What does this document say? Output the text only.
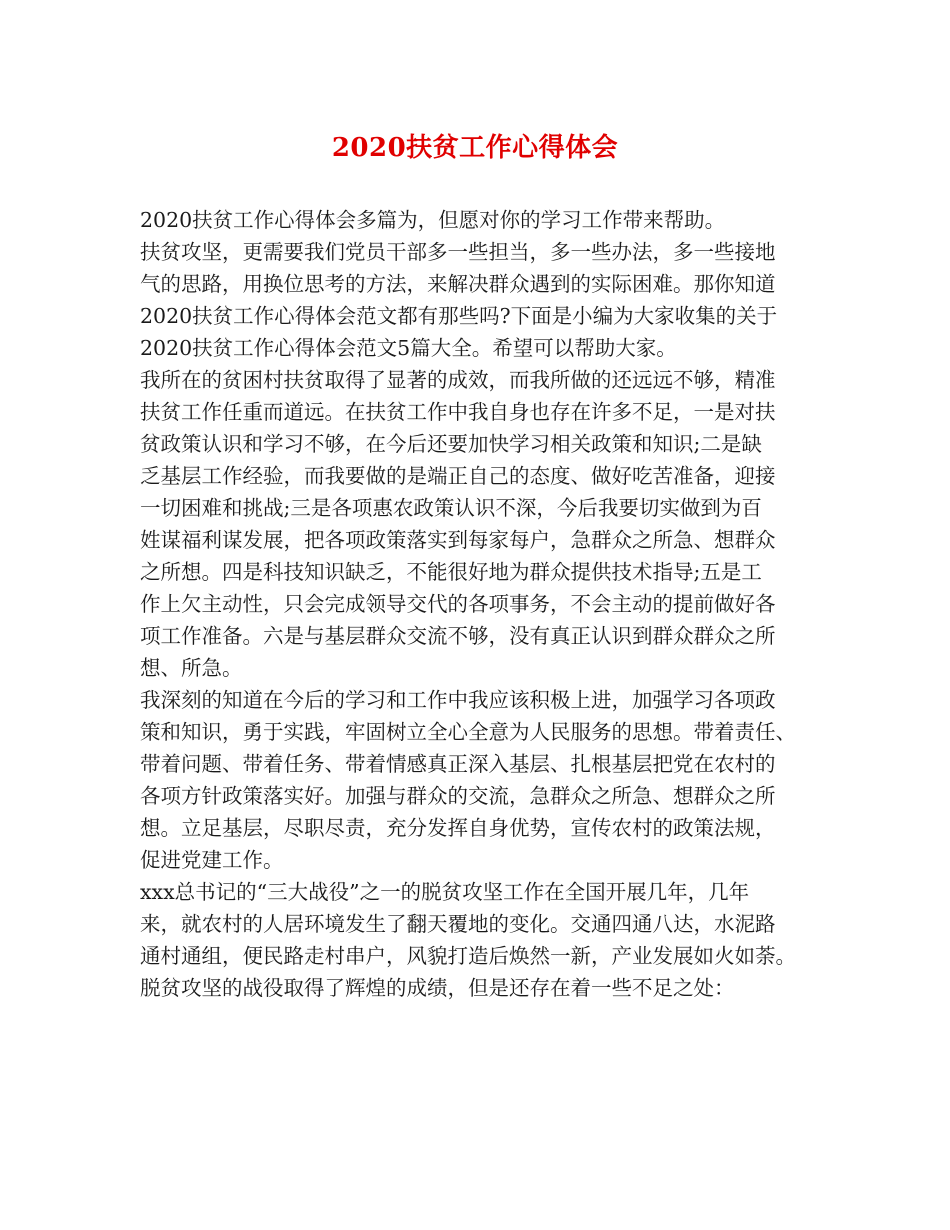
2020扶贫工作心得体会
2020扶贫工作心得体会多篇为，但愿对你的学习工作带来帮助。
扶贫攻坚，更需要我们党员干部多一些担当，多一些办法，多一些接地
气的思路，用换位思考的方法，来解决群众遇到的实际困难。那你知道
2020扶贫工作心得体会范文都有那些吗?下面是小编为大家收集的关于
2020扶贫工作心得体会范文5篇大全。希望可以帮助大家。
我所在的贫困村扶贫取得了显著的成效，而我所做的还远远不够，精准
扶贫工作任重而道远。在扶贫工作中我自身也存在许多不足，一是对扶
贫政策认识和学习不够，在今后还要加快学习相关政策和知识;二是缺
乏基层工作经验，而我要做的是端正自己的态度、做好吃苦准备，迎接
一切困难和挑战;三是各项惠农政策认识不深，今后我要切实做到为百
姓谋福利谋发展，把各项政策落实到每家每户，急群众之所急、想群众
之所想。四是科技知识缺乏，不能很好地为群众提供技术指导;五是工
作上欠主动性，只会完成领导交代的各项事务，不会主动的提前做好各
项工作准备。六是与基层群众交流不够，没有真正认识到群众群众之所
想、所急。
我深刻的知道在今后的学习和工作中我应该积极上进，加强学习各项政
策和知识，勇于实践，牢固树立全心全意为人民服务的思想。带着责任、
带着问题、带着任务、带着情感真正深入基层、扎根基层把党在农村的
各项方针政策落实好。加强与群众的交流，急群众之所急、想群众之所
想。立足基层，尽职尽责，充分发挥自身优势，宣传农村的政策法规，
促进党建工作。
xxx总书记的“三大战役”之一的脱贫攻坚工作在全国开展几年，几年
来，就农村的人居环境发生了翻天覆地的变化。交通四通八达，水泥路
通村通组，便民路走村串户，风貌打造后焕然一新，产业发展如火如荼。
脱贫攻坚的战役取得了辉煌的成绩，但是还存在着一些不足之处：
